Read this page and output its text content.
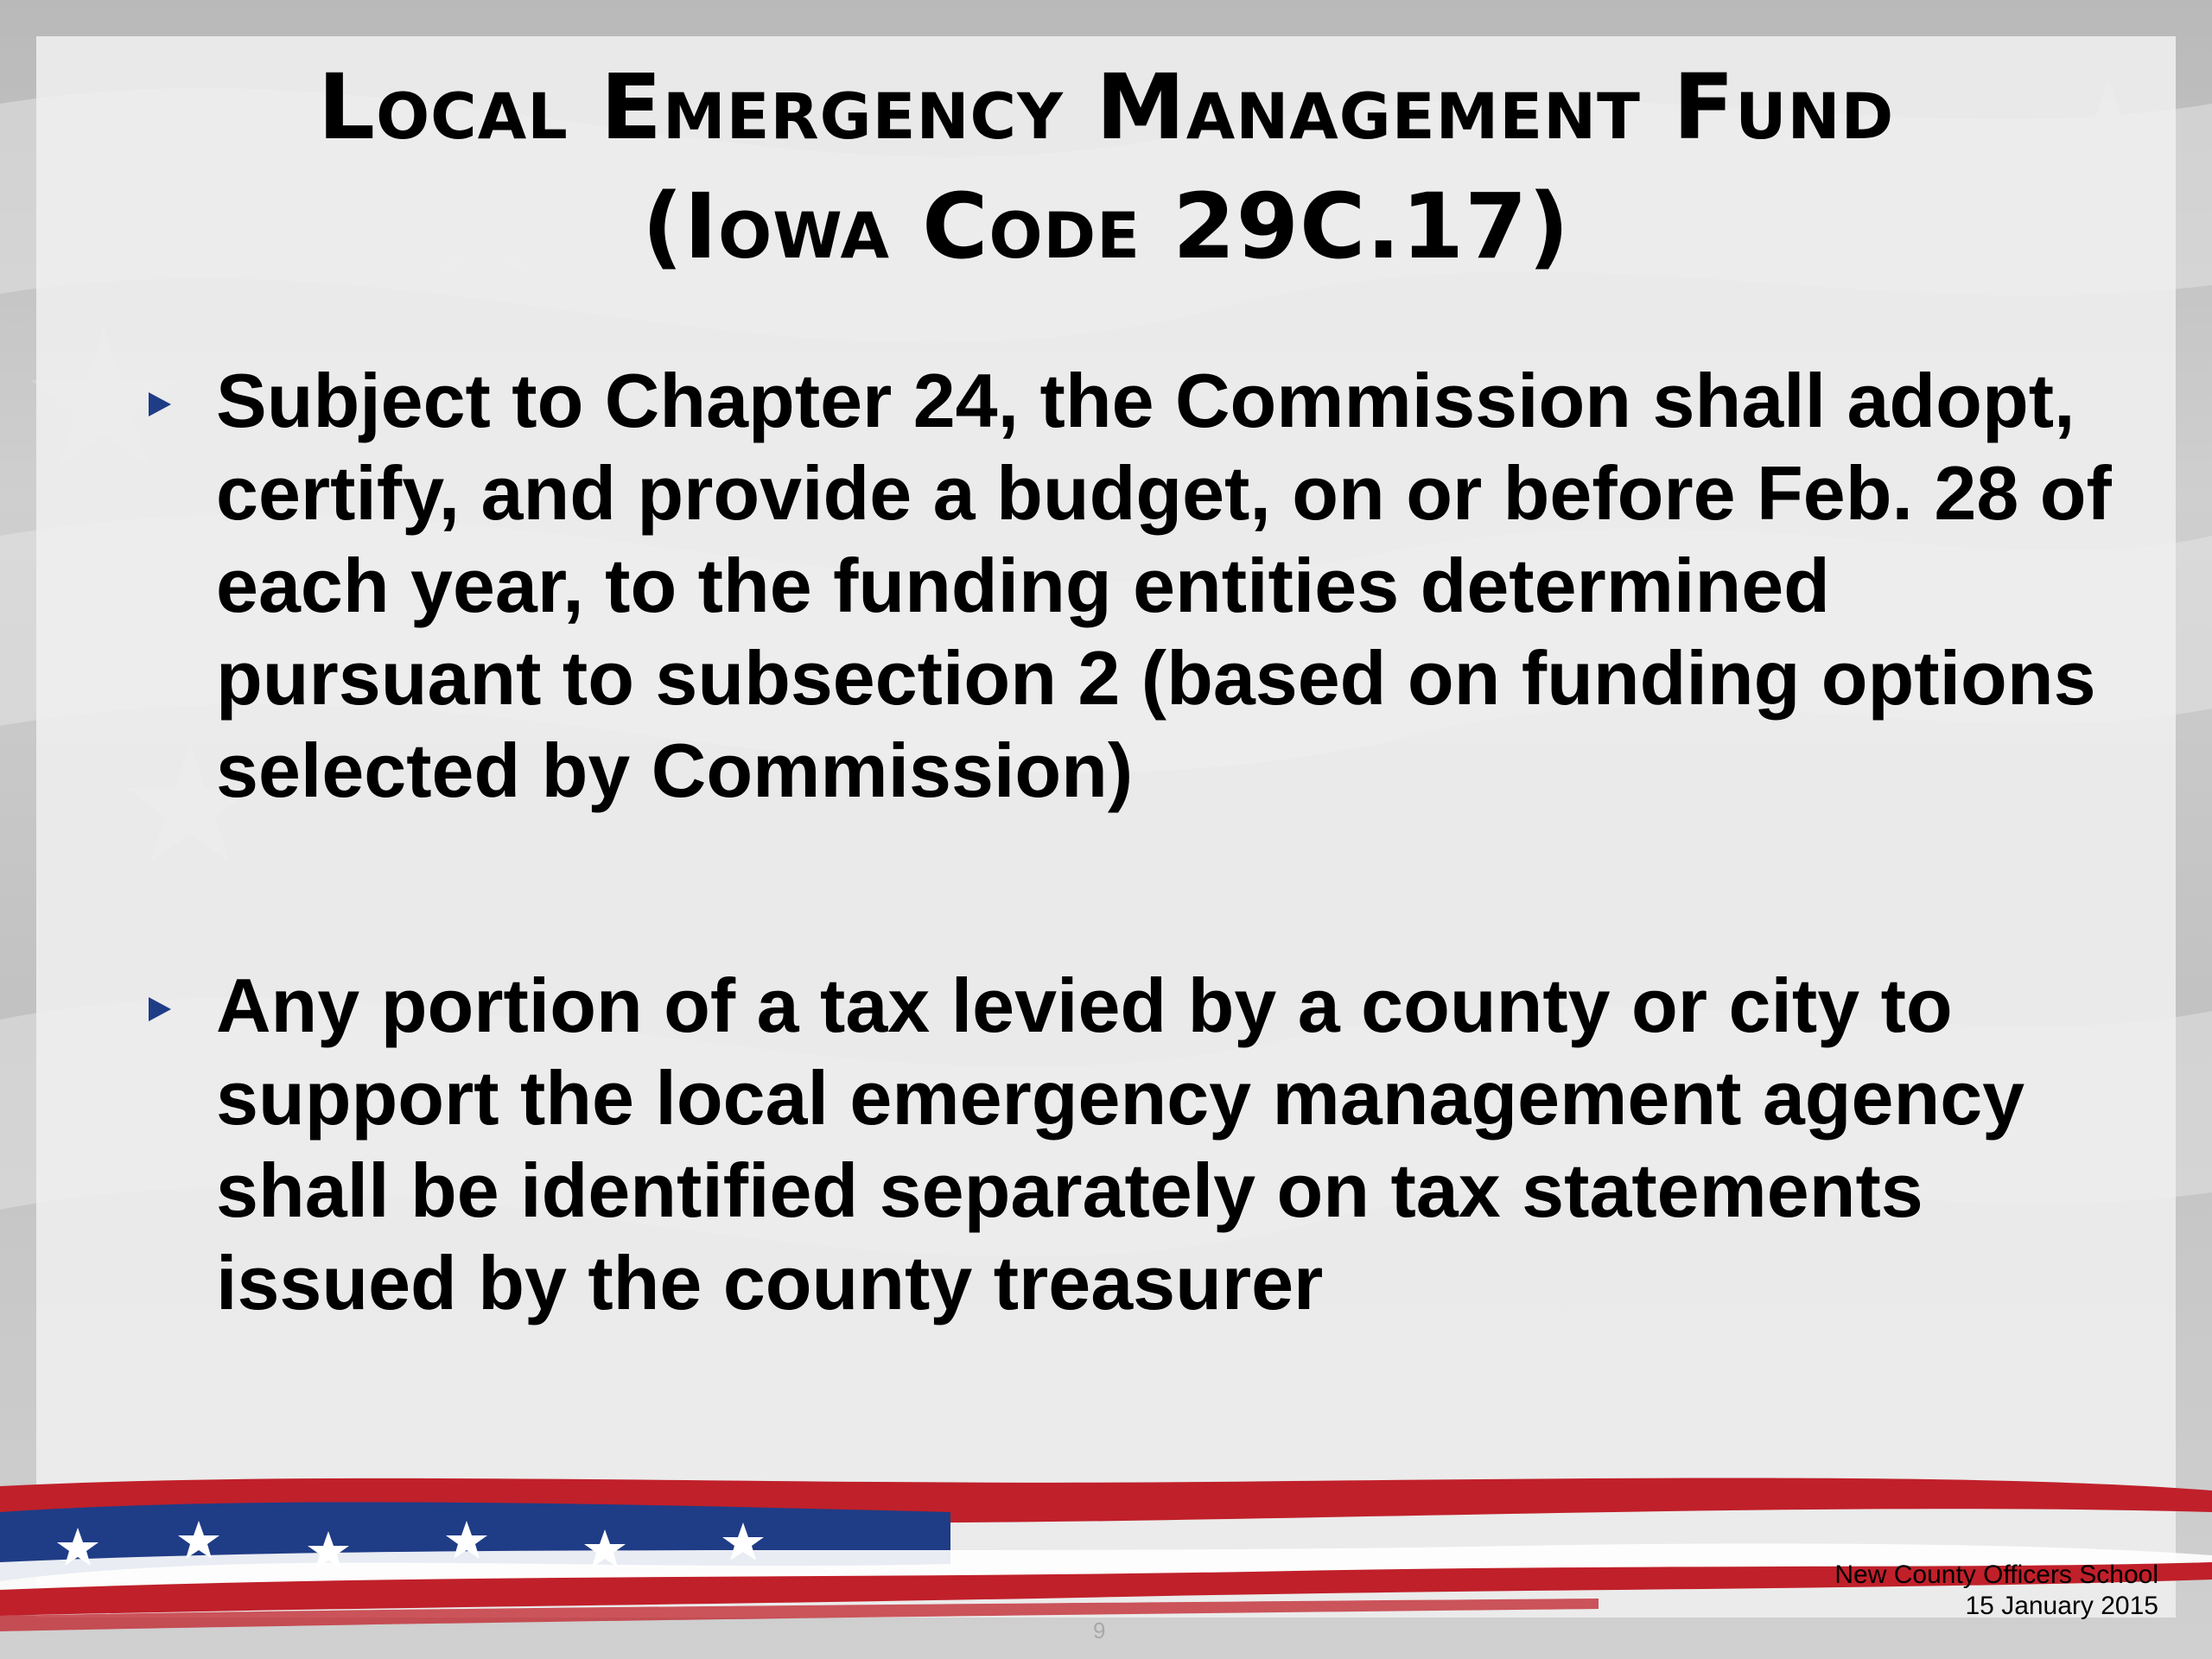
Local Emergency Management Fund
(Iowa Code 29C.17)
Subject to Chapter 24, the Commission shall adopt, certify, and provide a budget, on or before Feb. 28 of each year, to the funding entities determined pursuant to subsection 2 (based on funding options selected by Commission)
Any portion of a tax levied by a county or city to support the local emergency management agency shall be identified separately on tax statements issued by the county treasurer
New County Officers School
15 January 2015
9
